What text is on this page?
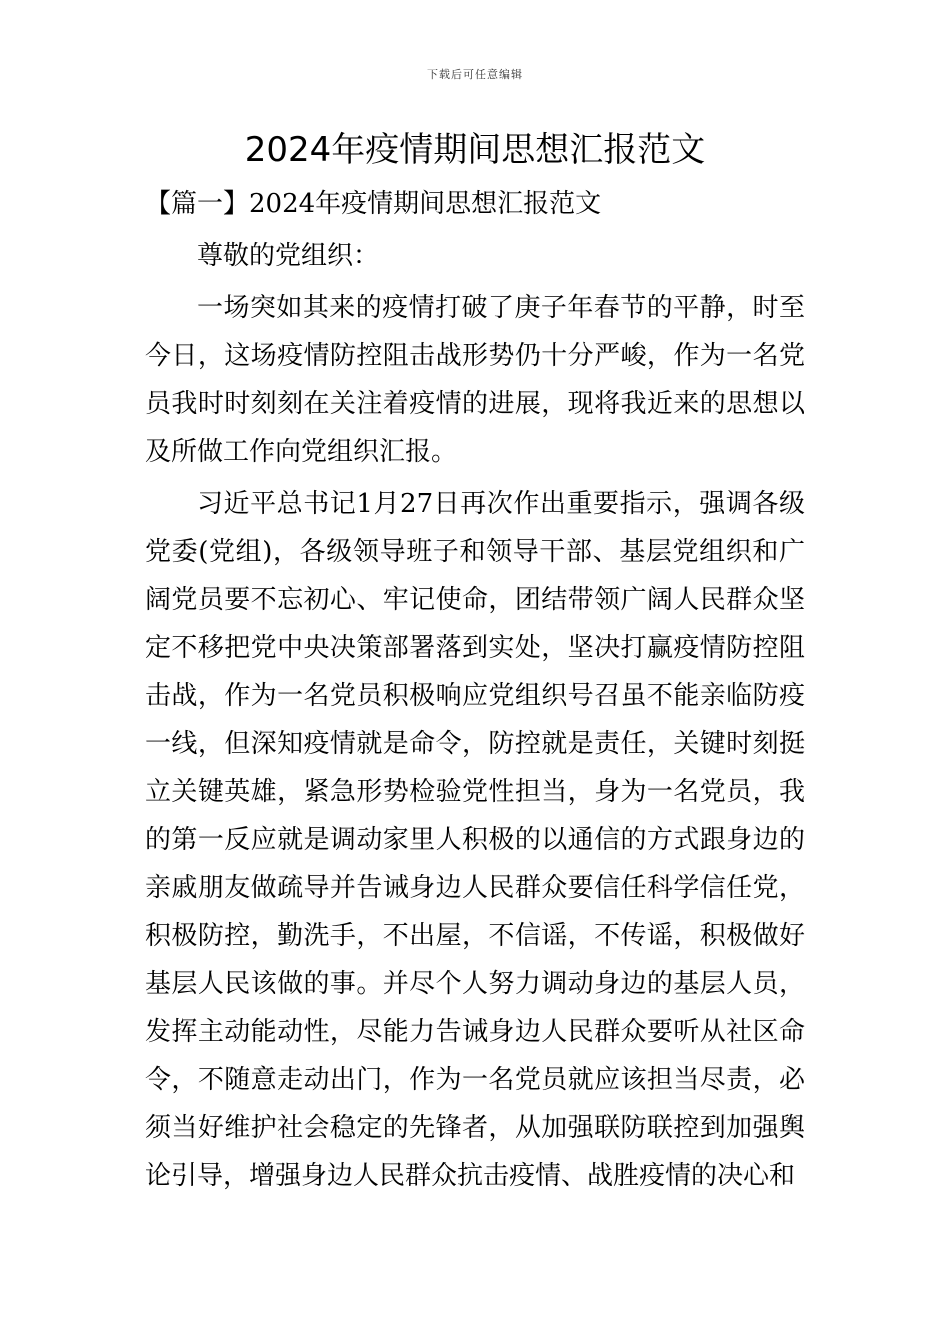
下载后可任意编辑
2024年疫情期间思想汇报范文

【篇一】2024年疫情期间思想汇报范文

尊敬的党组织：

一场突如其来的疫情打破了庚子年春节的平静，时至今日，这场疫情防控阻击战形势仍十分严峻，作为一名党员我时时刻刻在关注着疫情的进展，现将我近来的思想以及所做工作向党组织汇报。

习近平总书记1月27日再次作出重要指示，强调各级党委(党组)，各级领导班子和领导干部、基层党组织和广阔党员要不忘初心、牢记使命，团结带领广阔人民群众坚定不移把党中央决策部署落到实处，坚决打赢疫情防控阻击战，作为一名党员积极响应党组织号召虽不能亲临防疫一线，但深知疫情就是命令，防控就是责任，关键时刻挺立关键英雄，紧急形势检验党性担当，身为一名党员，我的第一反应就是调动家里人积极的以通信的方式跟身边的亲戚朋友做疏导并告诫身边人民群众要信任科学信任党，积极防控，勤洗手，不出屋，不信谣，不传谣，积极做好基层人民该做的事。并尽个人努力调动身边的基层人员，发挥主动能动性，尽能力告诫身边人民群众要听从社区命令，不随意走动出门，作为一名党员就应该担当尽责，必须当好维护社会稳定的先锋者，从加强联防联控到加强舆论引导，增强身边人民群众抗击疫情、战胜疫情的决心和
